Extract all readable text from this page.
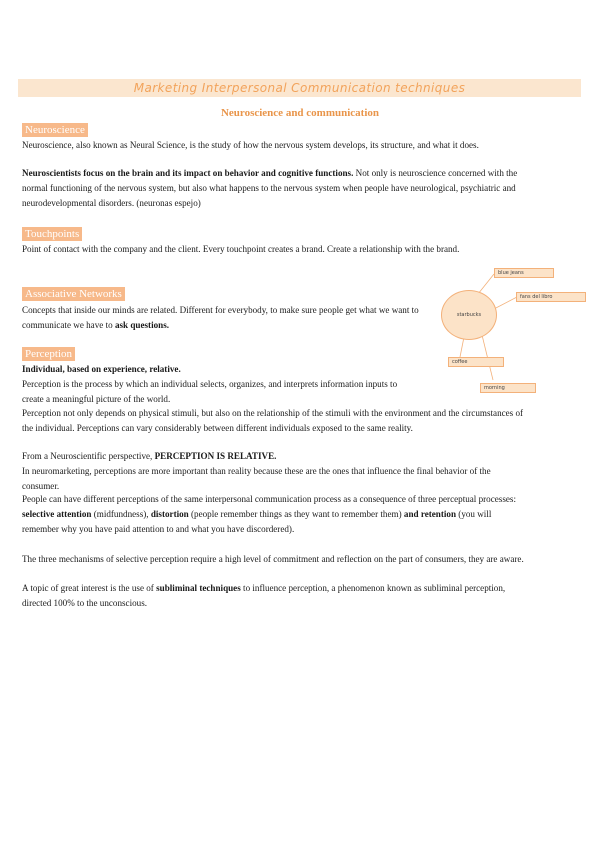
Marketing Interpersonal Communication techniques
Neuroscience and communication
Neuroscience

Neuroscience, also known as Neural Science, is the study of how the nervous system develops, its structure, and what it does.

Neuroscientists focus on the brain and its impact on behavior and cognitive functions. Not only is neuroscience concerned with the normal functioning of the nervous system, but also what happens to the nervous system when people have neurological, psychiatric and neurodevelopmental disorders. (neuronas espejo)

Touchpoints

Point of contact with the company and the client. Every touchpoint creates a brand. Create a relationship with the brand.

Associative Networks

Concepts that inside our minds are related. Different for everybody, to make sure people get what we want to communicate we have to ask questions.

starbucks
blue jeans
fans del libro
coffee
morning
Perception

Individual, based on experience, relative.

Perception is the process by which an individual selects, organizes, and interprets information inputs to create a meaningful picture of the world.

Perception not only depends on physical stimuli, but also on the relationship of the stimuli with the environment and the circumstances of the individual. Perceptions can vary considerably between different individuals exposed to the same reality.

From a Neuroscientific perspective, PERCEPTION IS RELATIVE.

In neuromarketing, perceptions are more important than reality because these are the ones that influence the final behavior of the consumer.

People can have different perceptions of the same interpersonal communication process as a consequence of three perceptual processes: selective attention (midfundness), distortion (people remember things as they want to remember them) and retention (you will remember why you have paid attention to and what you have discordered).

The three mechanisms of selective perception require a high level of commitment and reflection on the part of consumers, they are aware.

A topic of great interest is the use of subliminal techniques to influence perception, a phenomenon known as subliminal perception, directed 100% to the unconscious.
